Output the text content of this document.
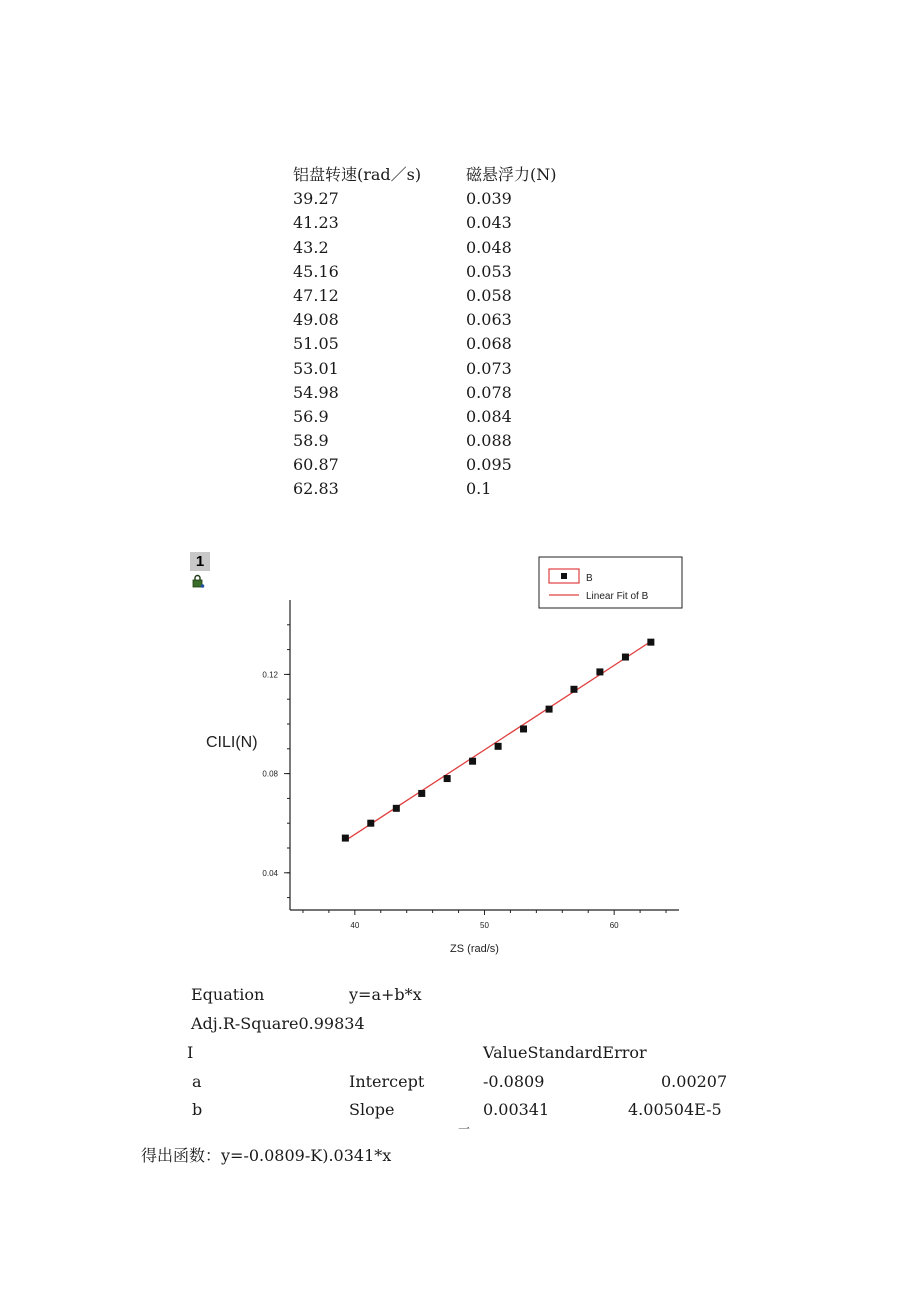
铝盘转速(rad／s)	磁悬浮力(N)
39.27	0.039
41.23	0.043
43.2	0.048
45.16	0.053
47.12	0.058
49.08	0.063
51.05	0.068
53.01	0.073
54.98	0.078
56.9	0.084
58.9	0.088
60.87	0.095
62.83	0.1
1
40	50	60
0.04
0.08
0.12
ZS (rad/s)
CILI(N)
B
Linear Fit of B
Equation	y=a+b*x
Adj.R-Square0.99834
I	ValueStandardError
a	Intercept	-0.0809	0.00207
b	Slope	0.00341	4.00504E-5
一
得出函数：y=-0.0809-K).0341*x
